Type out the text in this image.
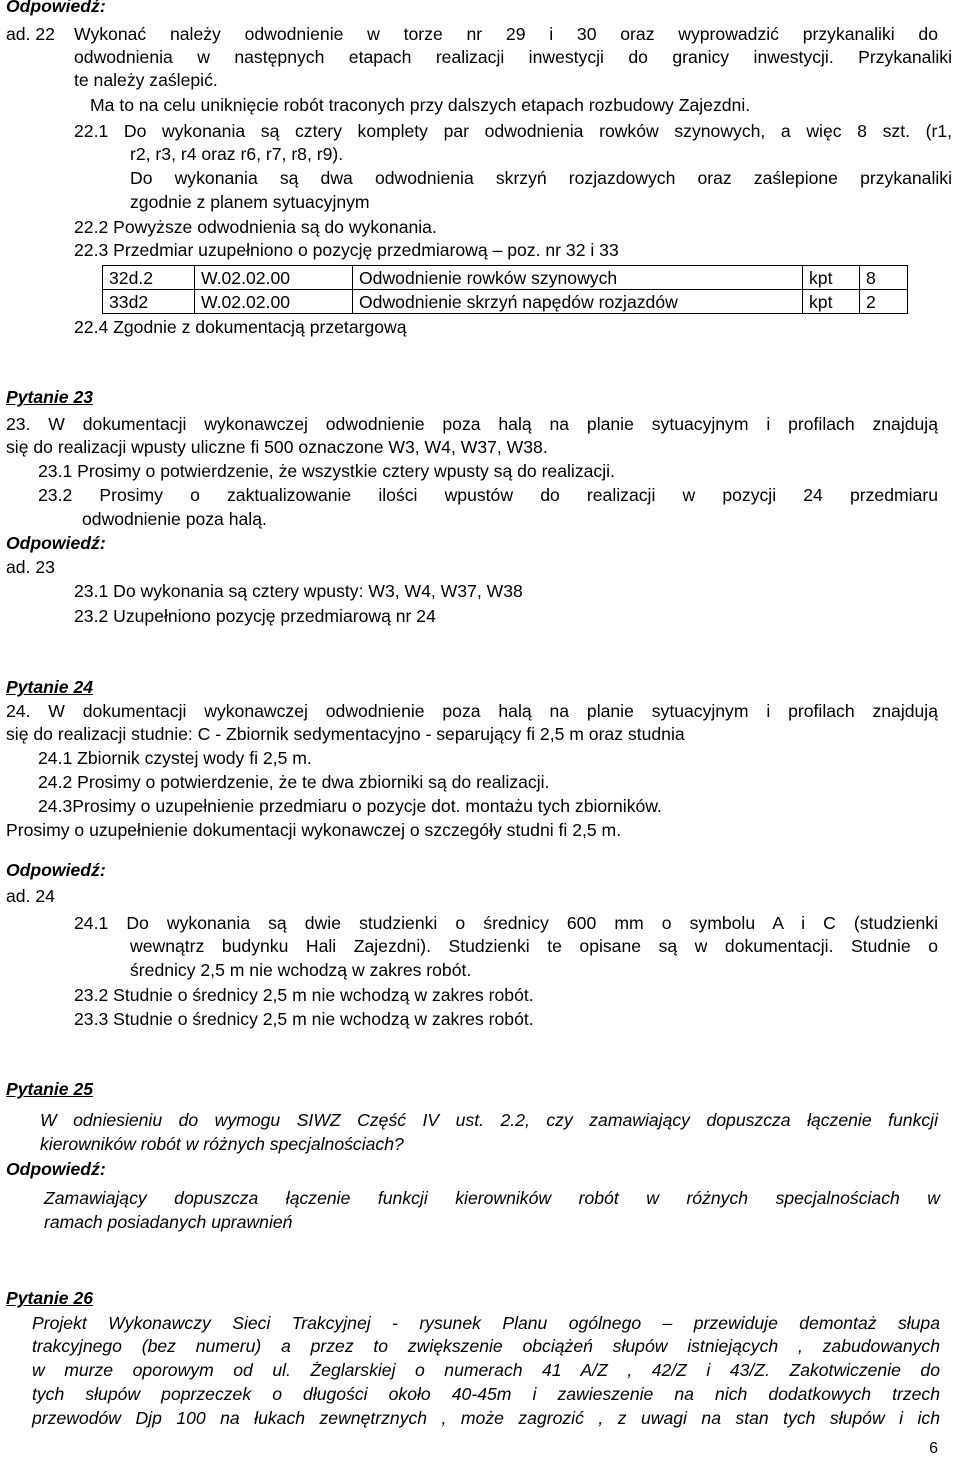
Odpowiedź:
ad. 22 Wykonać należy odwodnienie w torze nr 29 i 30 oraz wyprowadzić przykanaliki do
odwodnienia w następnych etapach realizacji inwestycji do granicy inwestycji. Przykanaliki
te należy zaślepić.
Ma to na celu uniknięcie robót traconych przy dalszych etapach rozbudowy Zajezdni.
22.1 Do wykonania są cztery komplety par odwodnienia rowków szynowych, a więc 8 szt. (r1,
r2, r3, r4 oraz r6, r7, r8, r9).
Do wykonania są dwa odwodnienia skrzyń rozjazdowych oraz zaślepione przykanaliki
zgodnie z planem sytuacyjnym
22.2 Powyższe odwodnienia są do wykonania.
22.3 Przedmiar uzupełniono o pozycję przedmiarową – poz. nr 32 i 33
32d.2	W.02.02.00	Odwodnienie rowków szynowych	kpt	8
33d2	W.02.02.00	Odwodnienie skrzyń napędów rozjazdów	kpt	2
22.4 Zgodnie z dokumentacją przetargową
Pytanie 23
23. W dokumentacji wykonawczej odwodnienie poza halą na planie sytuacyjnym i profilach znajdują
się do realizacji wpusty uliczne fi 500 oznaczone W3, W4, W37, W38.
23.1 Prosimy o potwierdzenie, że wszystkie cztery wpusty są do realizacji.
23.2 Prosimy o zaktualizowanie ilości wpustów do realizacji w pozycji 24 przedmiaru
odwodnienie poza halą.
Odpowiedź:
ad. 23
23.1 Do wykonania są cztery wpusty: W3, W4, W37, W38
23.2 Uzupełniono pozycję przedmiarową nr 24
Pytanie 24
24. W dokumentacji wykonawczej odwodnienie poza halą na planie sytuacyjnym i profilach znajdują
się do realizacji studnie: C - Zbiornik sedymentacyjno - separujący fi 2,5 m oraz studnia
24.1 Zbiornik czystej wody fi 2,5 m.
24.2 Prosimy o potwierdzenie, że te dwa zbiorniki są do realizacji.
24.3Prosimy o uzupełnienie przedmiaru o pozycje dot. montażu tych zbiorników.
Prosimy o uzupełnienie dokumentacji wykonawczej o szczegóły studni fi 2,5 m.
Odpowiedź:
ad. 24
24.1 Do wykonania są dwie studzienki o średnicy 600 mm o symbolu A i C (studzienki
wewnątrz budynku Hali Zajezdni). Studzienki te opisane są w dokumentacji. Studnie o
średnicy 2,5 m nie wchodzą w zakres robót.
23.2 Studnie o średnicy 2,5 m nie wchodzą w zakres robót.
23.3 Studnie o średnicy 2,5 m nie wchodzą w zakres robót.
Pytanie 25
W odniesieniu do wymogu SIWZ Część IV ust. 2.2, czy zamawiający dopuszcza łączenie funkcji
kierowników robót w różnych specjalnościach?
Odpowiedź:
Zamawiający dopuszcza łączenie funkcji kierowników robót w różnych specjalnościach w
ramach posiadanych uprawnień
Pytanie 26
Projekt Wykonawczy Sieci Trakcyjnej - rysunek Planu ogólnego – przewiduje demontaż słupa
trakcyjnego (bez numeru) a przez to zwiększenie obciążeń słupów istniejących , zabudowanych
w murze oporowym od ul. Żeglarskiej o numerach 41 A/Z , 42/Z i 43/Z. Zakotwiczenie do
tych słupów poprzeczek o długości około 40-45m i zawieszenie na nich dodatkowych trzech
przewodów Djp 100 na łukach zewnętrznych , może zagrozić , z uwagi na stan tych słupów i ich
6
